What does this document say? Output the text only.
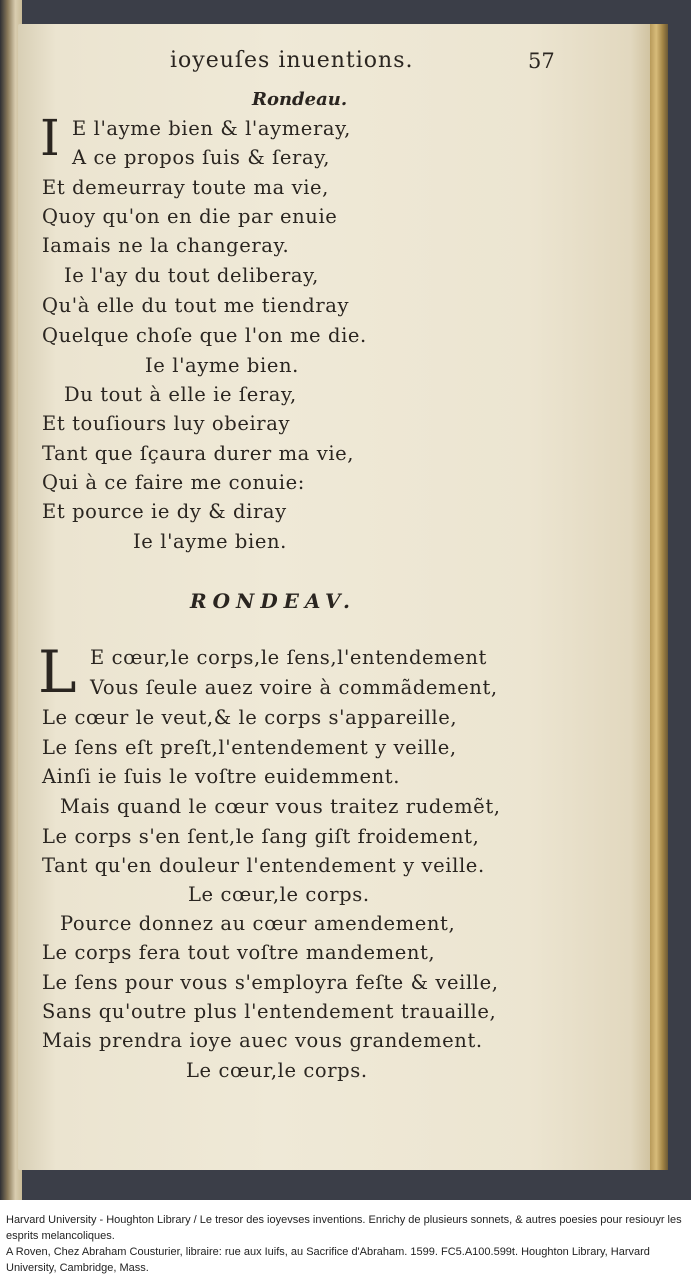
ioyeuſes inuentions.	57
Rondeau.
I E l'ayme bien & l'aymeray,
A ce propos ſuis & ſeray,
Et demeurray toute ma vie,
Quoy qu'on en die par enuie
Iamais ne la changeray.
Ie l'ay du tout deliberay,
Qu'à elle du tout me tiendray
Quelque choſe que l'on me die.
Ie l'ayme bien.
Du tout à elle ie ſeray,
Et touſiours luy obeiray
Tant que ſçaura durer ma vie,
Qui à ce faire me conuie:
Et pource ie dy & diray
Ie l'ayme bien.
RONDEAV.
L E cœur,le corps,le ſens,l'entendement
Vous ſeule auez voire à commãdement,
Le cœur le veut,& le corps s'appareille,
Le ſens eſt preſt,l'entendement y veille,
Ainſi ie ſuis le voſtre euidemment.
Mais quand le cœur vous traitez rudemẽt,
Le corps s'en ſent,le ſang giſt froidement,
Tant qu'en douleur l'entendement y veille.
Le cœur,le corps.
Pource donnez au cœur amendement,
Le corps fera tout voſtre mandement,
Le ſens pour vous s'employra feſte & veille,
Sans qu'outre plus l'entendement trauaille,
Mais prendra ioye auec vous grandement.
Le cœur,le corps.

Harvard University - Houghton Library / Le tresor des ioyevses inventions. Enrichy de plusieurs sonnets, & autres poesies pour resiouyr les esprits melancoliques.

A Roven, Chez Abraham Cousturier, libraire: rue aux Iuifs, au Sacrifice d'Abraham. 1599. FC5.A100.599t. Houghton Library, Harvard University, Cambridge, Mass.
